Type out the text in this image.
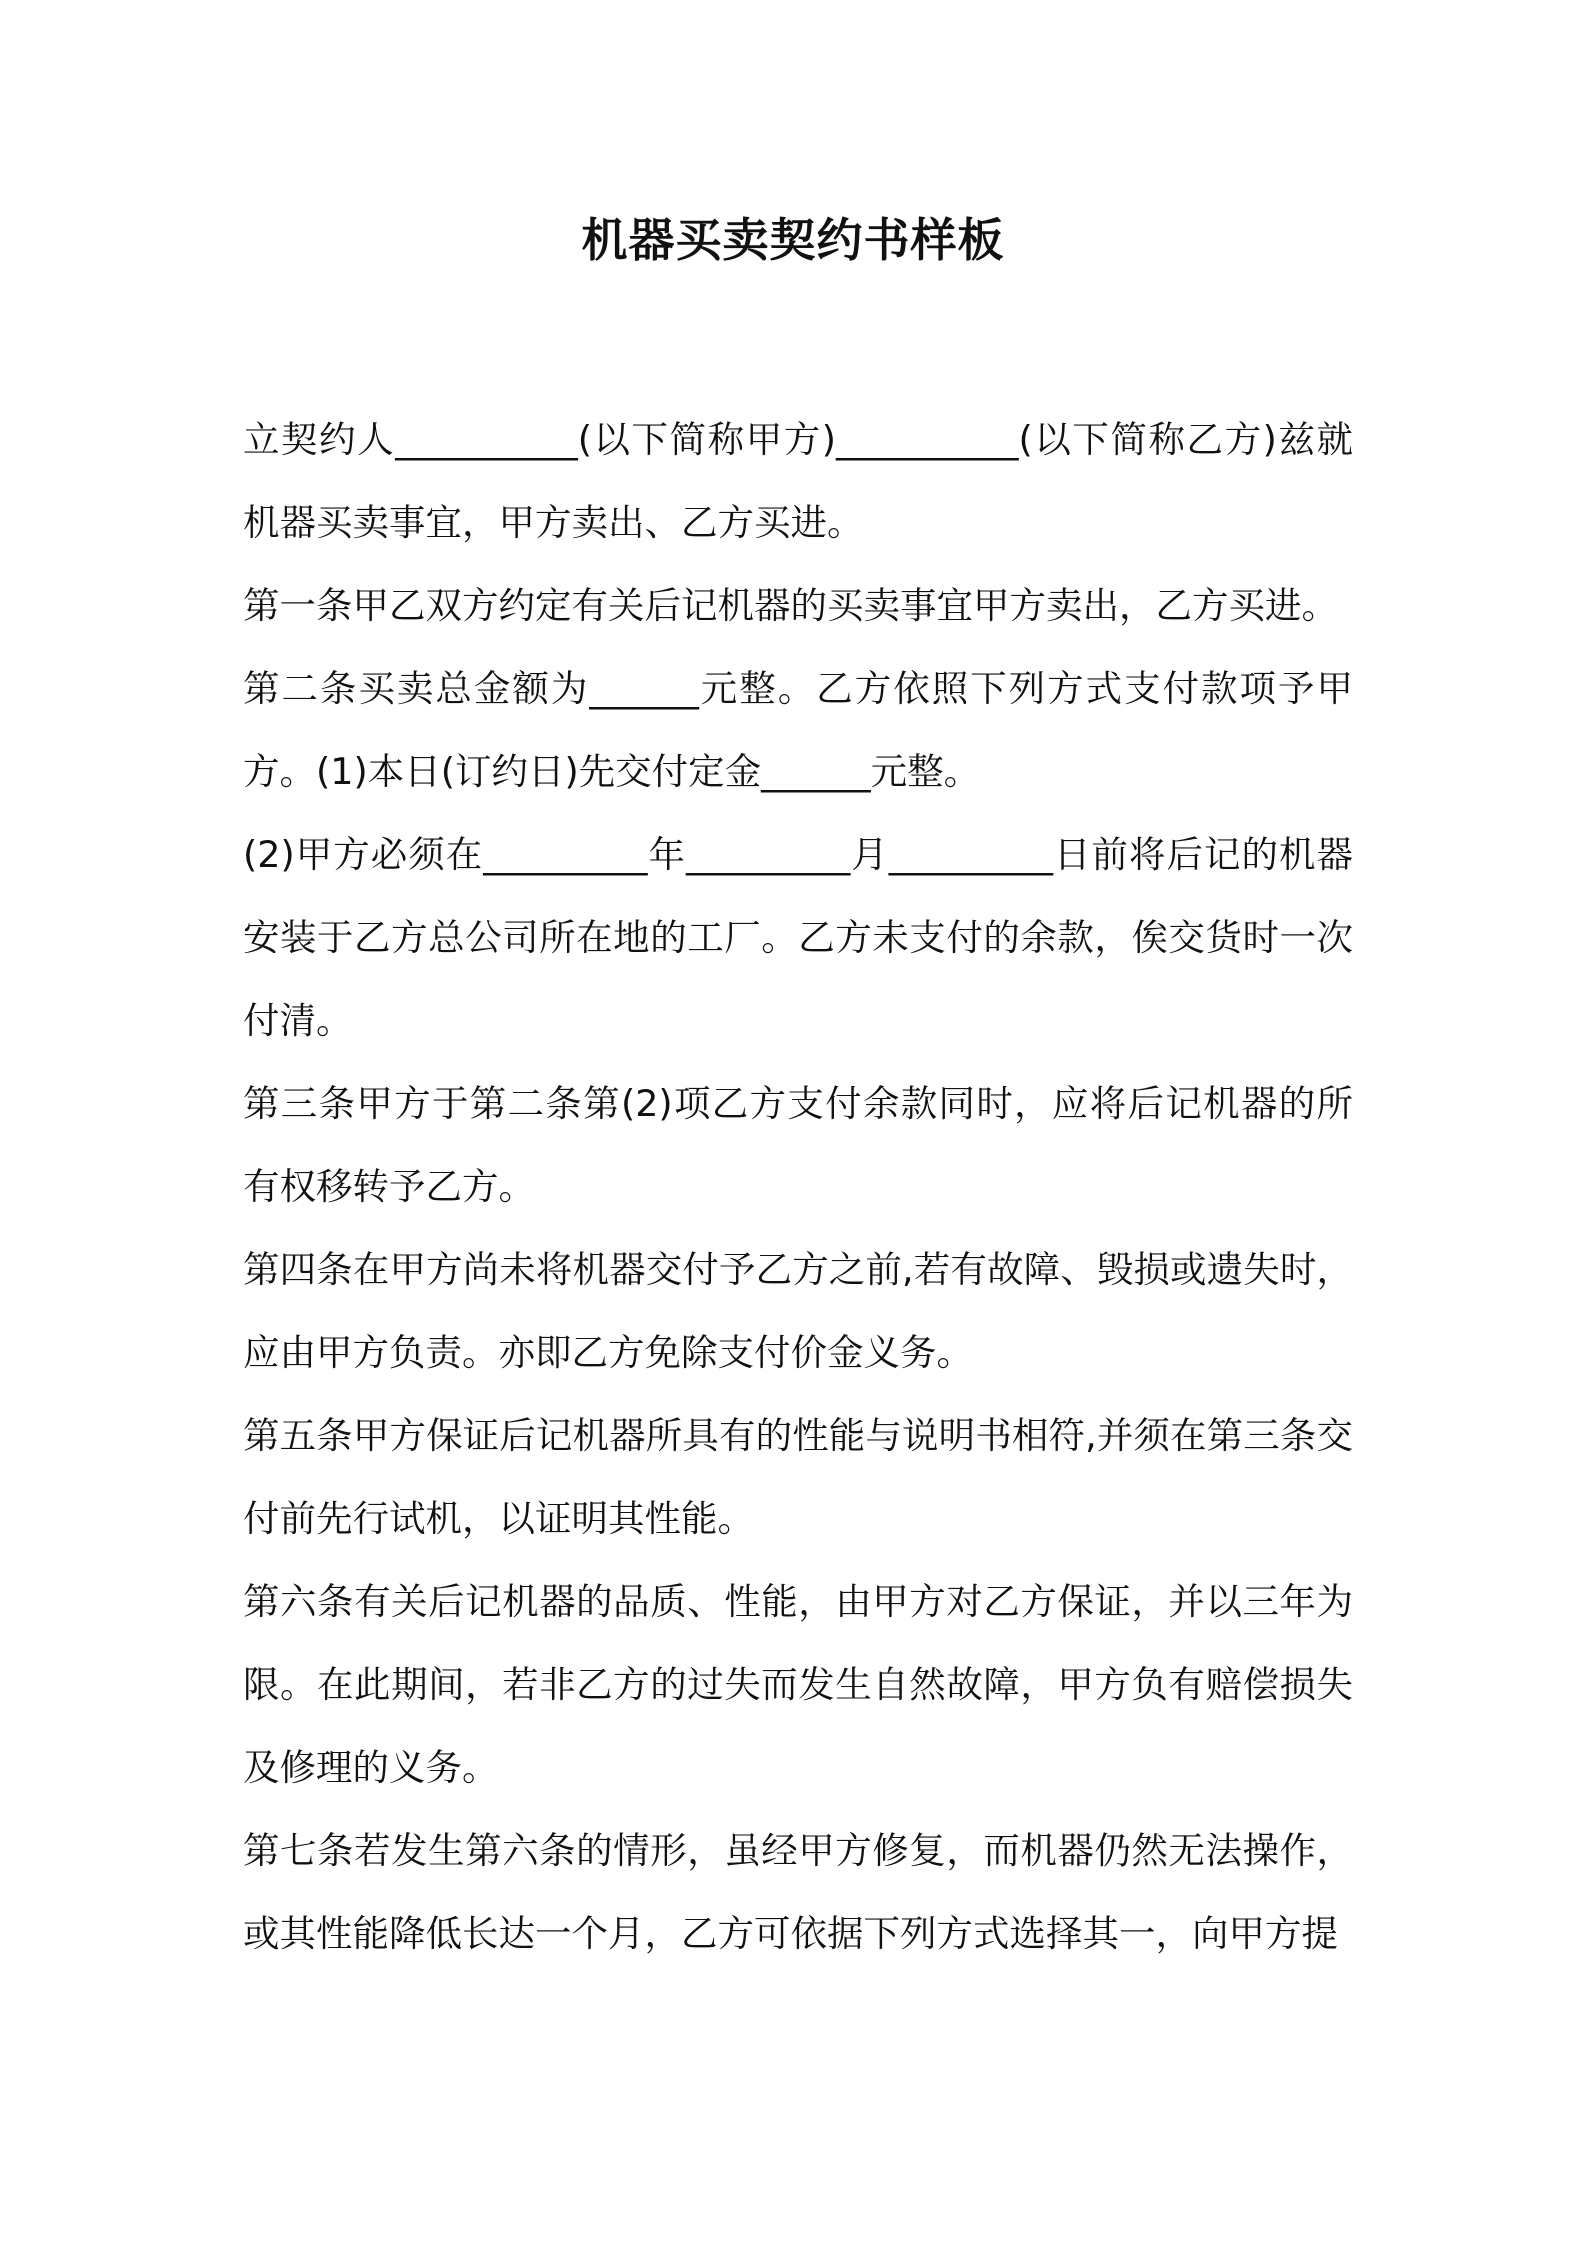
机器买卖契约书样板

立契约人__________(以下简称甲方)__________(以下简称乙方)兹就机器买卖事宜，甲方卖出、乙方买进。

第一条甲乙双方约定有关后记机器的买卖事宜甲方卖出，乙方买进。

第二条买卖总金额为______元整。乙方依照下列方式支付款项予甲方。(1)本日(订约日)先交付定金______元整。

(2)甲方必须在_________年_________月_________日前将后记的机器安装于乙方总公司所在地的工厂。乙方未支付的余款，俟交货时一次付清。

第三条甲方于第二条第(2)项乙方支付余款同时，应将后记机器的所有权移转予乙方。

第四条在甲方尚未将机器交付予乙方之前,若有故障、毁损或遗失时，应由甲方负责。亦即乙方免除支付价金义务。

第五条甲方保证后记机器所具有的性能与说明书相符,并须在第三条交付前先行试机，以证明其性能。

第六条有关后记机器的品质、性能，由甲方对乙方保证，并以三年为限。在此期间，若非乙方的过失而发生自然故障，甲方负有赔偿损失及修理的义务。

第七条若发生第六条的情形，虽经甲方修复，而机器仍然无法操作，或其性能降低长达一个月，乙方可依据下列方式选择其一，向甲方提
